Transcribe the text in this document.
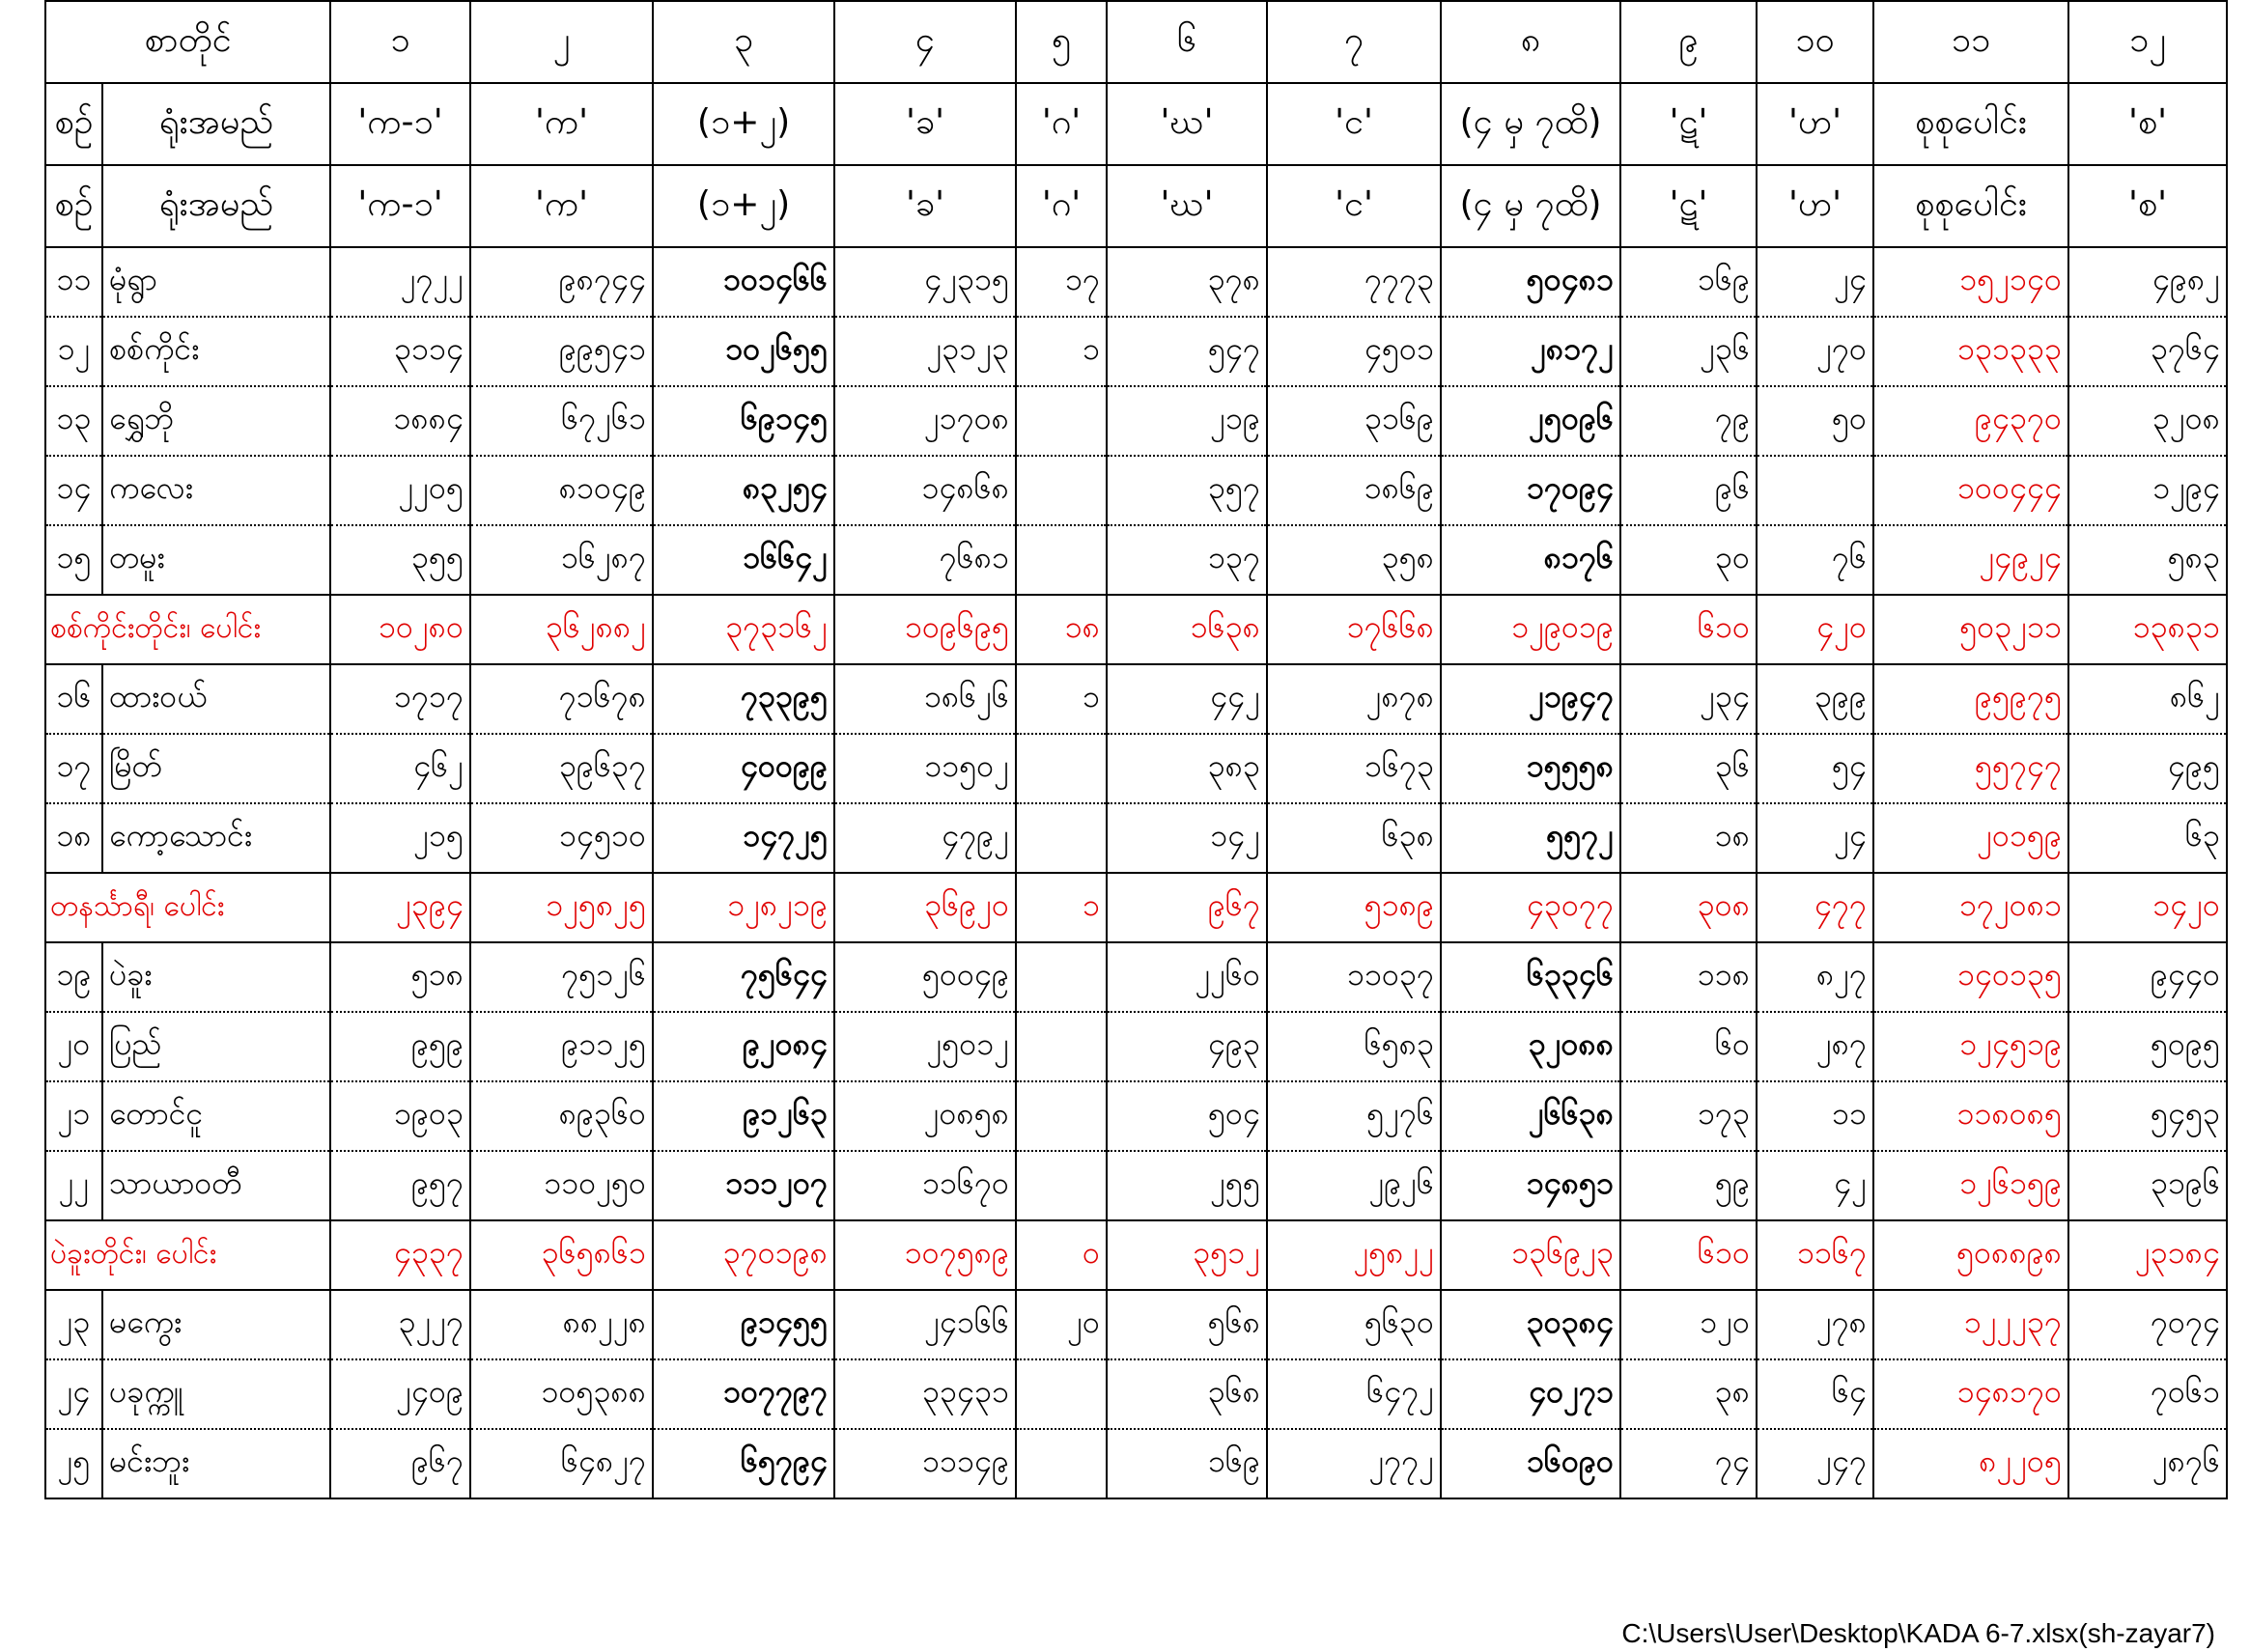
စာတိုင်		၁	၂	၃	၄	၅	၆	၇	၈	၉	၁၀	၁၁	၁၂
စဉ်	ရုံးအမည်	'က-၁'	'က'	(၁+၂)	'ခ'	'ဂ'	'ဃ'	'င'	(၄ မှ ၇ထိ)	'ဋ'	'ဟ'	စုစုပေါင်း	'စ'
စဉ်	ရုံးအမည်	'က-၁'	'က'	(၁+၂)	'ခ'	'ဂ'	'ဃ'	'င'	(၄ မှ ၇ထိ)	'ဋ'	'ဟ'	စုစုပေါင်း	'စ'
၁၁	မုံရွာ	၂၇၂၂	၉၈၇၄၄	၁၀၁၄၆၆	၄၂၃၁၅	၁၇	၃၇၈	၇၇၇၃	၅၀၄၈၁	၁၆၉	၂၄	၁၅၂၁၄၀	၄၉၈၂
၁၂	စစ်ကိုင်း	၃၁၁၄	၉၉၅၄၁	၁၀၂၆၅၅	၂၃၁၂၃	၁	၅၄၇	၄၅၀၁	၂၈၁၇၂	၂၃၆	၂၇၀	၁၃၁၃၃၃	၃၇၆၄
၁၃	ရွှေဘို	၁၈၈၄	၆၇၂၆၁	၆၉၁၄၅	၂၁၇၀၈		၂၁၉	၃၁၆၉	၂၅၀၉၆	၇၉	၅၀	၉၄၃၇၀	၃၂၀၈
၁၄	ကလေး	၂၂၀၅	၈၁၀၄၉	၈၃၂၅၄	၁၄၈၆၈		၃၅၇	၁၈၆၉	၁၇၀၉၄	၉၆		၁၀၀၄၄၄	၁၂၉၄
၁၅	တမူး	၃၅၅	၁၆၂၈၇	၁၆၆၄၂	၇၆၈၁		၁၃၇	၃၅၈	၈၁၇၆	၃၀	၇၆	၂၄၉၂၄	၅၈၃
စစ်ကိုင်းတိုင်း၊ ပေါင်း		၁၀၂၈၀	၃၆၂၈၈၂	၃၇၃၁၆၂	၁၀၉၆၉၅	၁၈	၁၆၃၈	၁၇၆၆၈	၁၂၉၀၁၉	၆၁၀	၄၂၀	၅၀၃၂၁၁	၁၃၈၃၁
၁၆	ထားဝယ်	၁၇၁၇	၇၁၆၇၈	၇၃၃၉၅	၁၈၆၂၆	၁	၄၄၂	၂၈၇၈	၂၁၉၄၇	၂၃၄	၃၉၉	၉၅၉၇၅	၈၆၂
၁၇	မြိတ်	၄၆၂	၃၉၆၃၇	၄၀၀၉၉	၁၁၅၀၂		၃၈၃	၁၆၇၃	၁၅၅၅၈	၃၆	၅၄	၅၅၇၄၇	၄၉၅
၁၈	ကော့သောင်း	၂၁၅	၁၄၅၁၀	၁၄၇၂၅	၄၇၉၂		၁၄၂	၆၃၈	၅၅၇၂	၁၈	၂၄	၂၀၁၅၉	၆၃
တနင်္သာရီ၊ ပေါင်း		၂၃၉၄	၁၂၅၈၂၅	၁၂၈၂၁၉	၃၆၉၂၀	၁	၉၆၇	၅၁၈၉	၄၃၀၇၇	၃၀၈	၄၇၇	၁၇၂၀၈၁	၁၄၂၀
၁၉	ပဲခူး	၅၁၈	၇၅၁၂၆	၇၅၆၄၄	၅၀၀၄၉		၂၂၆၀	၁၁၀၃၇	၆၃၃၄၆	၁၁၈	၈၂၇	၁၄၀၁၃၅	၉၄၄၀
၂၀	ပြည်	၉၅၉	၉၁၁၂၅	၉၂၀၈၄	၂၅၀၁၂		၄၉၃	၆၅၈၃	၃၂၀၈၈	၆၀	၂၈၇	၁၂၄၅၁၉	၅၀၉၅
၂၁	တောင်ငူ	၁၉၀၃	၈၉၃၆၀	၉၁၂၆၃	၂၀၈၅၈		၅၀၄	၅၂၇၆	၂၆၆၃၈	၁၇၃	၁၁	၁၁၈၀၈၅	၅၄၅၃
၂၂	သာယာဝတီ	၉၅၇	၁၁၀၂၅၀	၁၁၁၂၀၇	၁၁၆၇၀		၂၅၅	၂၉၂၆	၁၄၈၅၁	၅၉	၄၂	၁၂၆၁၅၉	၃၁၉၆
ပဲခူးတိုင်း၊ ပေါင်း		၄၃၃၇	၃၆၅၈၆၁	၃၇၀၁၉၈	၁၀၇၅၈၉	၀	၃၅၁၂	၂၅၈၂၂	၁၃၆၉၂၃	၆၁၀	၁၁၆၇	၅၀၈၈၉၈	၂၃၁၈၄
၂၃	မကွေး	၃၂၂၇	၈၈၂၂၈	၉၁၄၅၅	၂၄၁၆၆	၂၀	၅၆၈	၅၆၃၀	၃၀၃၈၄	၁၂၀	၂၇၈	၁၂၂၂၃၇	၇၀၇၄
၂၄	ပခုက္ကူ	၂၄၀၉	၁၀၅၃၈၈	၁၀၇၇၉၇	၃၃၄၃၁		၃၆၈	၆၄၇၂	၄၀၂၇၁	၃၈	၆၄	၁၄၈၁၇၀	၇၀၆၁
၂၅	မင်းဘူး	၉၆၇	၆၄၈၂၇	၆၅၇၉၄	၁၁၁၄၉		၁၆၉	၂၇၇၂	၁၆၀၉၀	၇၄	၂၄၇	၈၂၂၀၅	၂၈၇၆
C:\Users\User\Desktop\KADA 6-7.xlsx(sh-zayar7)
